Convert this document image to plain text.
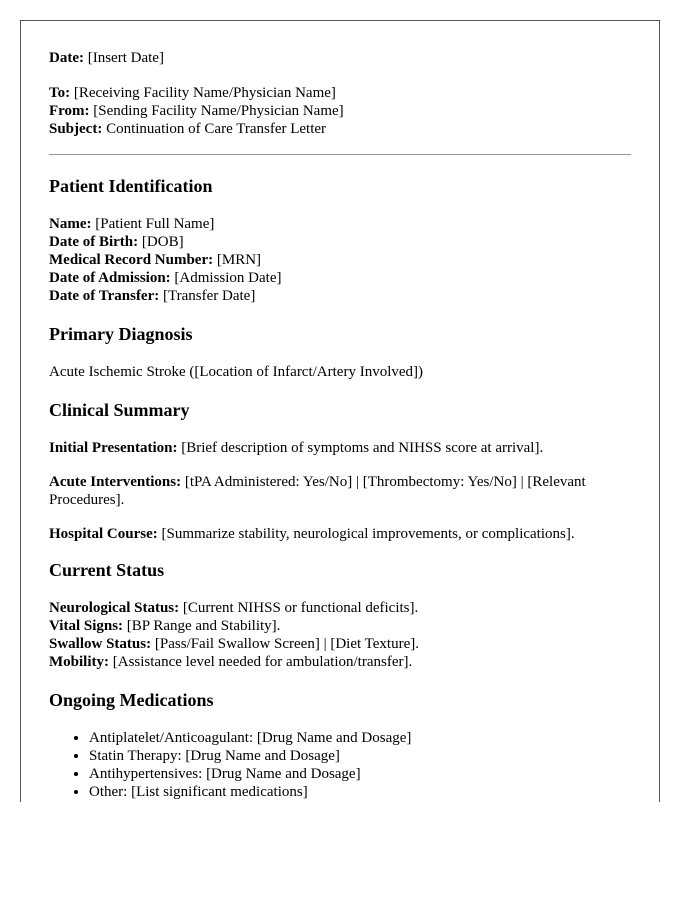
Date: [Insert Date]

To: [Receiving Facility Name/Physician Name]

From: [Sending Facility Name/Physician Name]

Subject: Continuation of Care Transfer Letter

Patient Identification

Name: [Patient Full Name]

Date of Birth: [DOB]

Medical Record Number: [MRN]

Date of Admission: [Admission Date]

Date of Transfer: [Transfer Date]

Primary Diagnosis

Acute Ischemic Stroke ([Location of Infarct/Artery Involved])

Clinical Summary

Initial Presentation: [Brief description of symptoms and NIHSS score at arrival].

Acute Interventions: [tPA Administered: Yes/No] | [Thrombectomy: Yes/No] | [Relevant Procedures].

Hospital Course: [Summarize stability, neurological improvements, or complications].

Current Status

Neurological Status: [Current NIHSS or functional deficits].

Vital Signs: [BP Range and Stability].

Swallow Status: [Pass/Fail Swallow Screen] | [Diet Texture].

Mobility: [Assistance level needed for ambulation/transfer].

Ongoing Medications
• Antiplatelet/Anticoagulant: [Drug Name and Dosage]
• Statin Therapy: [Drug Name and Dosage]
• Antihypertensives: [Drug Name and Dosage]
• Other: [List significant medications]
